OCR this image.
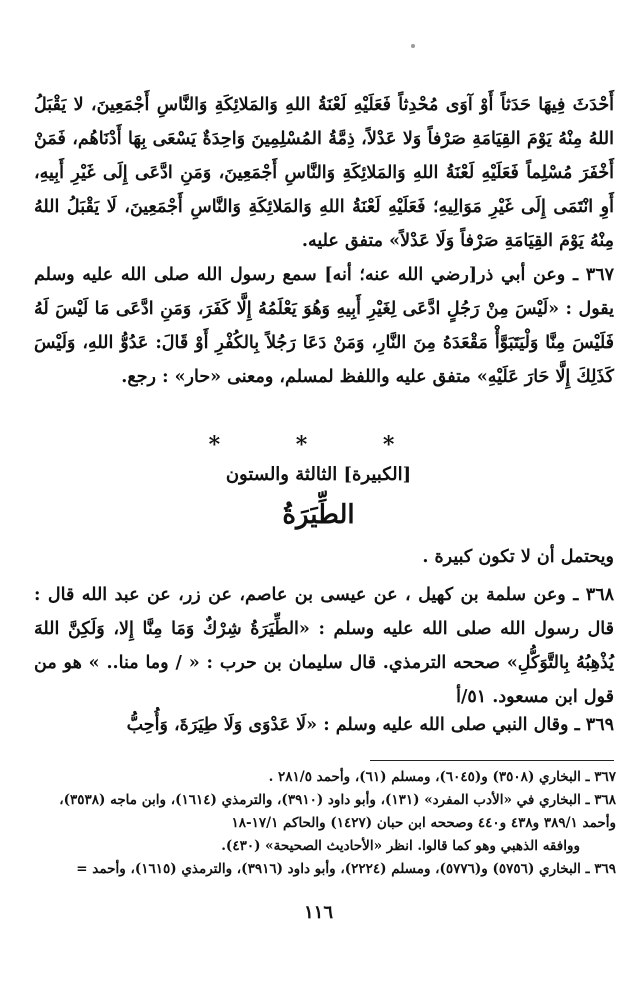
أَحْدَثَ فِيهَا حَدَثاً أَوْ آوَى مُحْدِثاً فَعَلَيْهِ لَعْنَةُ اللهِ وَالمَلائِكَةِ وَالنَّاسِ أَجْمَعِينَ، لا يَقْبَلُ اللهُ مِنْهُ يَوْمَ القِيَامَةِ صَرْفاً وَلا عَدْلاً، ذِمَّةُ المُسْلِمِينَ وَاحِدَةٌ يَسْعَى بِهَا أَدْنَاهُم، فَمَنْ أَخْفَرَ مُسْلِماً فَعَلَيْهِ لَعْنَةُ اللهِ وَالمَلائِكَةِ وَالنَّاسِ أَجْمَعِينَ، وَمَنِ ادَّعَى إِلَى غَيْرِ أَبِيهِ، أَوِ انْتَمَى إِلَى غَيْرِ مَوَالِيهِ؛ فَعَلَيْهِ لَعْنَةُ اللهِ وَالمَلائِكَةِ وَالنَّاسِ أَجْمَعِينَ، لَا يَقْبَلُ اللهُ مِنْهُ يَوْمَ القِيَامَةِ صَرْفاً وَلَا عَدْلاً» متفق عليه.

٣٦٧ ـ وعن أبي ذر[رضي الله عنه؛ أنه] سمع رسول الله صلى الله عليه وسلم يقول : «لَيْسَ مِنْ رَجُلٍ ادَّعَى لِغَيْرِ أَبِيهِ وَهُوَ يَعْلَمُهُ إِلَّا كَفَرَ، وَمَنِ ادَّعَى مَا لَيْسَ لَهُ فَلَيْسَ مِنَّا وَلْيَتَبَوَّأْ مَقْعَدَهُ مِنَ النَّارِ، وَمَنْ دَعَا رَجُلاً بِالكُفْرِ أَوْ قَالَ: عَدُوُّ اللهِ، وَلَيْسَ كَذَلِكَ إِلَّا حَارَ عَلَيْهِ» متفق عليه واللفظ لمسلم، ومعنى «حار» : رجع.

* * *
[الكبيرة] الثالثة والستون
الطِّيَرَةُ

ويحتمل أن لا تكون كبيرة .

٣٦٨ ـ وعن سلمة بن كهيل ، عن عيسى بن عاصم، عن زر، عن عبد الله قال : قال رسول الله صلى الله عليه وسلم : «الطِّيَرَةُ شِرْكٌ وَمَا مِنَّا إِلا، وَلَكِنَّ اللهَ يُذْهِبُهُ بِالتَّوَكُّلِ» صححه الترمذي. قال سليمان بن حرب : « / وما منا.. » هو من قول ابن مسعود. ٥١/أ

٣٦٩ ـ وقال النبي صلى الله عليه وسلم : «لَا عَدْوَى وَلَا طِيَرَةَ، وَأُحِبُّ

٣٦٧ ـ البخاري (٣٥٠٨) و(٦٠٤٥)، ومسلم (٦١)، وأحمد ٢٨١/٥ .

٣٦٨ ـ البخاري في «الأدب المفرد» (١٣١)، وأبو داود (٣٩١٠)، والترمذي (١٦١٤)، وابن ماجه (٣٥٣٨)، وأحمد ٣٨٩/١ و٤٣٨ و٤٤٠ وصححه ابن حبان (١٤٢٧) والحاكم ١٧/١-١٨

ووافقه الذهبي وهو كما قالوا. انظر «الأحاديث الصحيحة» (٤٣٠).

٣٦٩ ـ البخاري (٥٧٥٦) و(٥٧٧٦)، ومسلم (٢٢٢٤)، وأبو داود (٣٩١٦)، والترمذي (١٦١٥)، وأحمد =

١١٦
